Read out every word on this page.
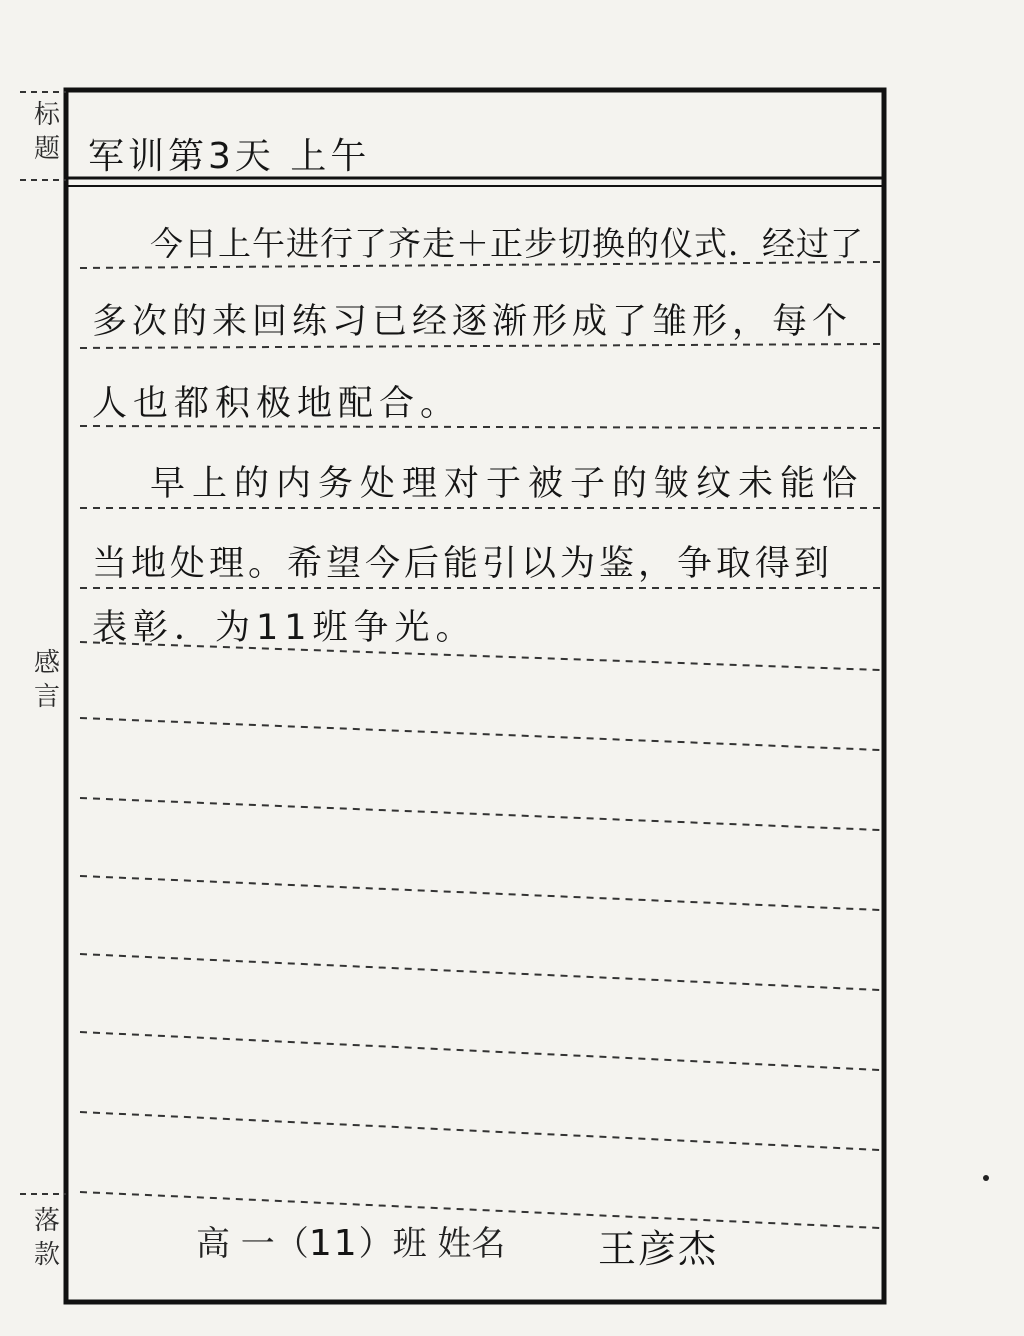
标
题
感
言
落
款
军训第3天 上午
今日上午进行了齐走＋正步切换的仪式．经过了
多次的来回练习已经逐渐形成了雏形，每个
人也都积极地配合。
早上的内务处理对于被子的皱纹未能恰
当地处理。希望今后能引以为鉴，争取得到
表彰．为11班争光。
高 一（11）班 姓名 王彦杰
